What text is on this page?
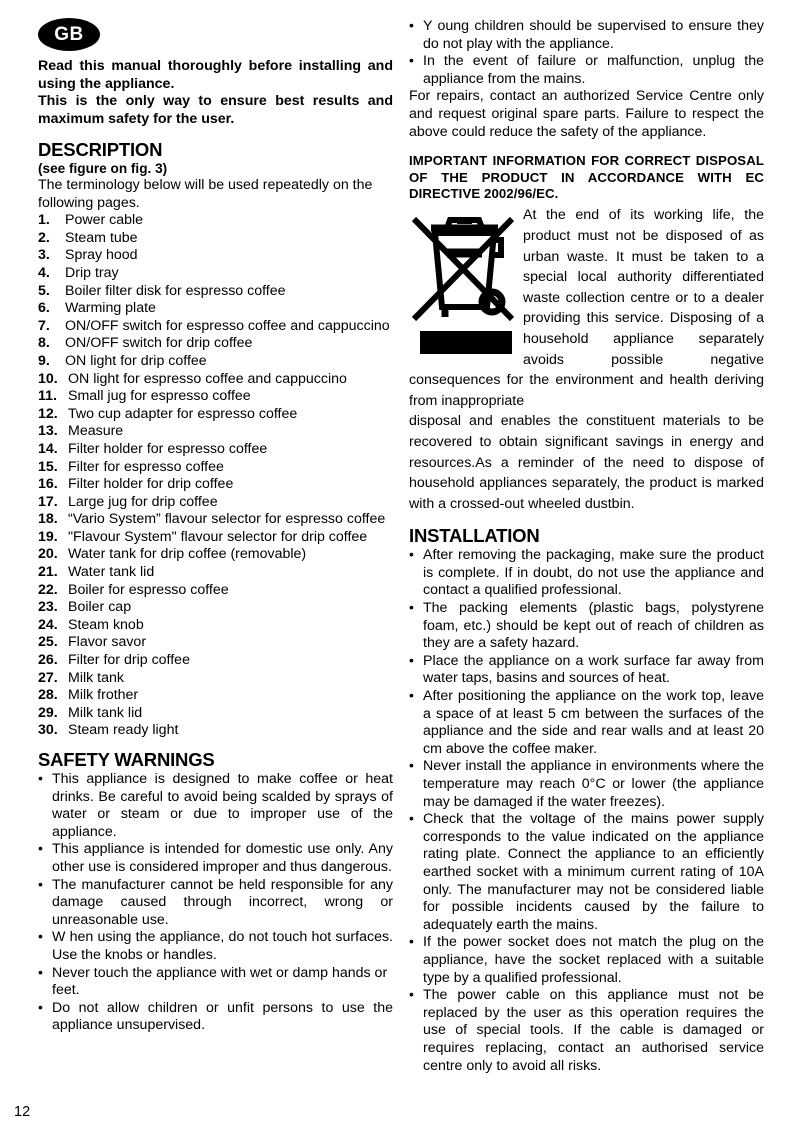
GB

Read this manual thoroughly before installing and using the appliance.

This is the only way to ensure best results and maximum safety for the user.

DESCRIPTION
(see figure on fig. 3)

The terminology below will be used repeatedly on the following pages.

1.	Power cable
2.	Steam tube
3.	Spray hood
4.	Drip tray
5.	Boiler filter disk for espresso coffee
6.	Warming plate
7.	ON/OFF switch for espresso coffee and cappuccino
8.	ON/OFF switch for drip coffee
9.	ON light for drip coffee
10. ON light for espresso coffee and cappuccino
11. Small jug for espresso coffee
12. Two cup adapter for espresso coffee
13. Measure
14. Filter holder for espresso coffee
15. Filter for espresso coffee
16. Filter holder for drip coffee
17. Large jug for drip coffee
18. “Vario System” flavour selector for espresso coffee
19. "Flavour System" flavour selector for drip coffee
20. Water tank for drip coffee (removable)
21. Water tank lid
22. Boiler for espresso coffee
23. Boiler cap
24. Steam knob
25. Flavor savor
26. Filter for drip coffee
27. Milk tank
28. Milk frother
29. Milk tank lid
30. Steam ready light
SAFETY WARNINGS
• This appliance is designed to make coffee or heat drinks. Be careful to avoid being scalded by sprays of water or steam or due to improper use of the appliance.
• This appliance is intended for domestic use only. Any other use is considered improper and thus dangerous.
• The manufacturer cannot be held responsible for any damage caused through incorrect, wrong or unreasonable use.
• W hen using the appliance, do not touch hot surfaces. Use the knobs or handles.
• Never touch the appliance with wet or damp hands or feet.
• Do not allow children or unfit persons to use the appliance unsupervised.
• Y oung children should be supervised to ensure they do not play with the appliance.
• In the event of failure or malfunction, unplug the appliance from the mains.

For repairs, contact an authorized Service Centre only and request original spare parts. Failure to respect the above could reduce the safety of the appliance.

IMPORTANT INFORMATION FOR CORRECT DISPOSAL OF THE PRODUCT IN ACCORDANCE WITH EC DIRECTIVE 2002/96/EC.

At the end of its working life, the product must not be disposed of as urban waste. It must be taken to a special local authority differentiated waste collection centre or to a dealer providing this service. Disposing of a household appliance separately avoids possible negative consequences for the environment and health deriving from inappropriate

disposal and enables the constituent materials to be recovered to obtain significant savings in energy and resources.As a reminder of the need to dispose of household appliances separately, the product is marked with a crossed-out wheeled dustbin.

INSTALLATION
• After removing the packaging, make sure the product is complete. If in doubt, do not use the appliance and contact a qualified professional.
• The packing elements (plastic bags, polystyrene foam, etc.) should be kept out of reach of children as they are a safety hazard.
• Place the appliance on a work surface far away from water taps, basins and sources of heat.
• After positioning the appliance on the work top, leave a space of at least 5 cm between the surfaces of the appliance and the side and rear walls and at least 20 cm above the coffee maker.
• Never install the appliance in environments where the temperature may reach 0°C or lower (the appliance may be damaged if the water freezes).
• Check that the voltage of the mains power supply corresponds to the value indicated on the appliance rating plate. Connect the appliance to an efficiently earthed socket with a minimum current rating of 10A only. The manufacturer may not be considered liable for possible incidents caused by the failure to adequately earth the mains.
• If the power socket does not match the plug on the appliance, have the socket replaced with a suitable type by a qualified professional.
• The power cable on this appliance must not be replaced by the user as this operation requires the use of special tools. If the cable is damaged or requires replacing, contact an authorised service centre only to avoid all risks.
12
